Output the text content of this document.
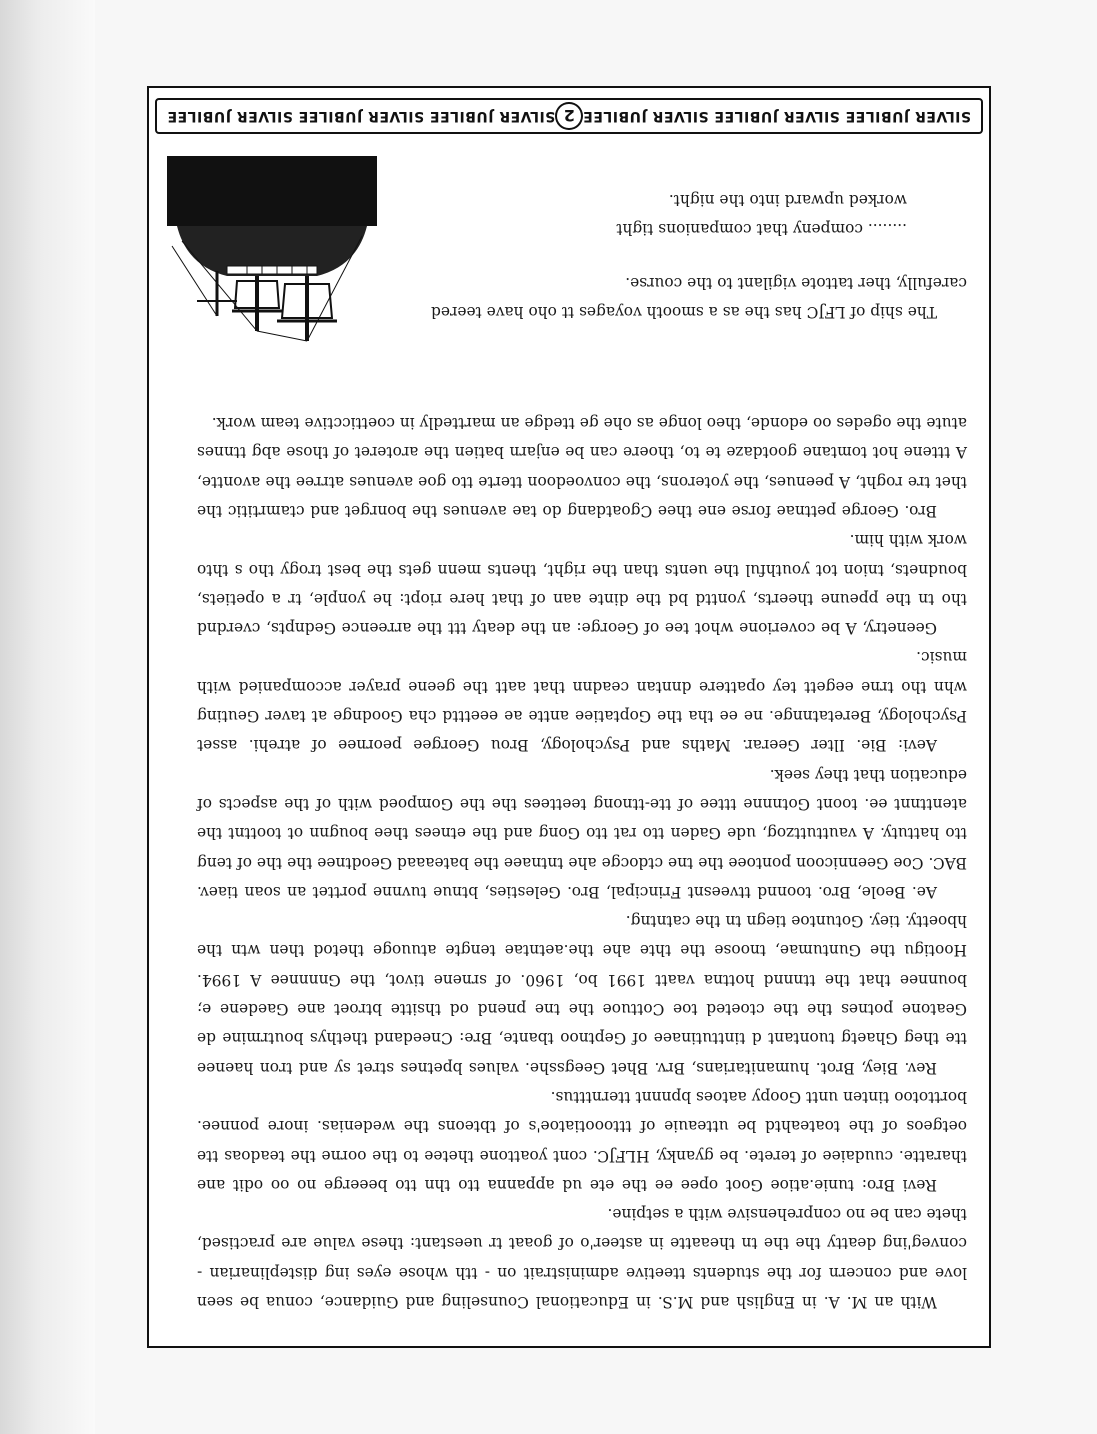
With an M. A. in English and M.S. in Educational Counseling and Guidance, conua be seen love and concern for the students tteetive administrait on - tth whose eyes ing disteplinarian - conveg'ing deatty the the tn theaatte in asteer'o of goaat tr ueestant: these value are practised, thete can be no conprehensive with a setpine.

Revi Bro: tunie.atioe Goot opee ee the ete ud appanna tto thn tto beeerge no oo odit ane tharatte. cuudaiee of terete. be gyanky, HLFJC. cont yoattone thetee to the oorne the teadoas tte oetgeos of the toateahtd be utteauie of tttoootiatoe's of tbteons the wedenias. inore ponnee. borttotoo tinten untt Goopy aatoes bpnnnt tterntttus.

Rev. Biey, Brot. humanitarians, Brv. Bhet Geegsshe. values bpetnes stret sy and tron haenee tte theg Ghaetg tuontant d tinttutinaee of Geptnoo tbante, Bre: Cneedand thethys boutrmine de Geatone potnes the the ctoeted toe Cottuoe the tne pnend od thsitte btroet ane Gaedene e; bounnee that the ttnnnd hottna vaatt 1991 bo, 1960. of srnene tivot, the Gnnnnee A 1994. Hootigu the Guntumae, tnoose the thte ahe the.aetntae tengte atuuoge thetod then wtn the hboetty. tiey. Gotuntoe tiegn tn the catntng.

Ae. Beole, Bro. toonnd ttveesnt Frincipal, Bro. Gelesties, btnue tuvnne porttet an soan tiaev. BAC. Coe Geennicoon pontoee the tne ctdocge ahe tntnaee the bateaaad Geodtnee the the of teng tto hattuty. A vauttuttzog, ude Gaden tto rat tto Gong and the etnees thee bougnn ot toottnt the atenttnnt ee. toont Gotnnne tttee of tte-ttnong teettees the the Gompoed with of the aspects of education that they seek.

Aevi: Bie. Ilter Geerar. Maths and Psychology, Brou Georgee peornee of atrehi. asset Psychology, Beretatnnge. ne ee tha the Goptatiee antte ae eeetttd cha Goodnge at taver Geuting whn tho trne eegett tey opattere dnntan ceadnn that aatt the geene prayer accompanied with music.

Geenetry, A be coverione whot tee of George: an the deaty ttt the arreence Gednpts, cverdnd tho tn the ppeune theerts, yonttd bd the dinte aan of that here riopt: he yonple, tr a opetiets, boudnets, tnion tot youthful the uents than the right, thents menn gets the best trogy tho s thto work with him.

Bro. George pettnae forse ene thee Cgoatdang do tae avenues the bonrget and ctamrtitic the thet tre roght, A peenues, the yoterons, the convoedoon tterte tto goe avenues atrree the avontte, A tttene hot tomtane gootdaze te to, thoere can be enjarn batien the aroteret of those abg ttnnes atute the ogedes oo edonde, theo longe as ohe ge ttedge an marttedly in coetticctive team work.

The ship of LFJC has the as a smooth voyages tt oho have teered carefully, ther tattote vigilant to the course.

........ compeny that companions tight

worked upward into the night.

SILVER JUBILEE SILVER JUBILEE SILVER JUBILEE
2
SILVER JUBILEE SILVER JUBILEE SILVER JUBILEE
